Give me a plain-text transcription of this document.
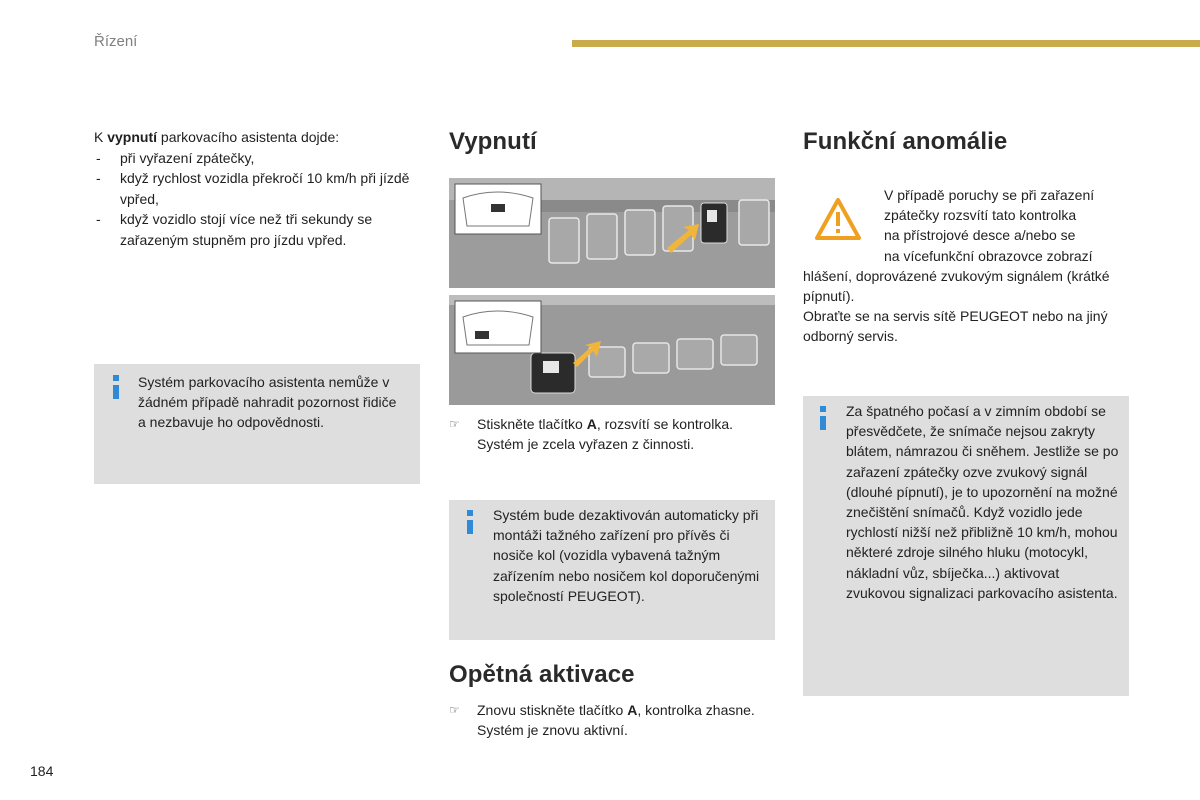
Řízení

K vypnutí parkovacího asistenta dojde:

- při vyřazení zpátečky,
- když rychlost vozidla překročí 10 km/h při jízdě vpřed,
- když vozidlo stojí více než tři sekundy se zařazeným stupněm pro jízdu vpřed.
Systém parkovacího asistenta nemůže v žádném případě nahradit pozornost řidiče a nezbavuje ho odpovědnosti.
Vypnutí
☞ Stiskněte tlačítko A, rozsvítí se kontrolka. Systém je zcela vyřazen z činnosti.
Systém bude dezaktivován automaticky při montáži tažného zařízení pro přívěs či nosiče kol (vozidla vybavená tažným zařízením nebo nosičem kol doporučenými společností PEUGEOT).
Opětná aktivace
☞ Znovu stiskněte tlačítko A, kontrolka zhasne. Systém je znovu aktivní.
Funkční anomálie

V případě poruchy se při zařazení

zpátečky rozsvítí tato kontrolka

na přístrojové desce a/nebo se

na vícefunkční obrazovce zobrazí

hlášení, doprovázené zvukovým signálem (krátké pípnutí).

Obraťte se na servis sítě PEUGEOT nebo na jiný odborný servis.

Za špatného počasí a v zimním období se přesvědčete, že snímače nejsou zakryty blátem, námrazou či sněhem. Jestliže se po zařazení zpátečky ozve zvukový signál (dlouhé pípnutí), je to upozornění na možné znečištění snímačů. Když vozidlo jede rychlostí nižší než přibližně 10 km/h, mohou některé zdroje silného hluku (motocykl, nákladní vůz, sbíječka...) aktivovat zvukovou signalizaci parkovacího asistenta.
184
